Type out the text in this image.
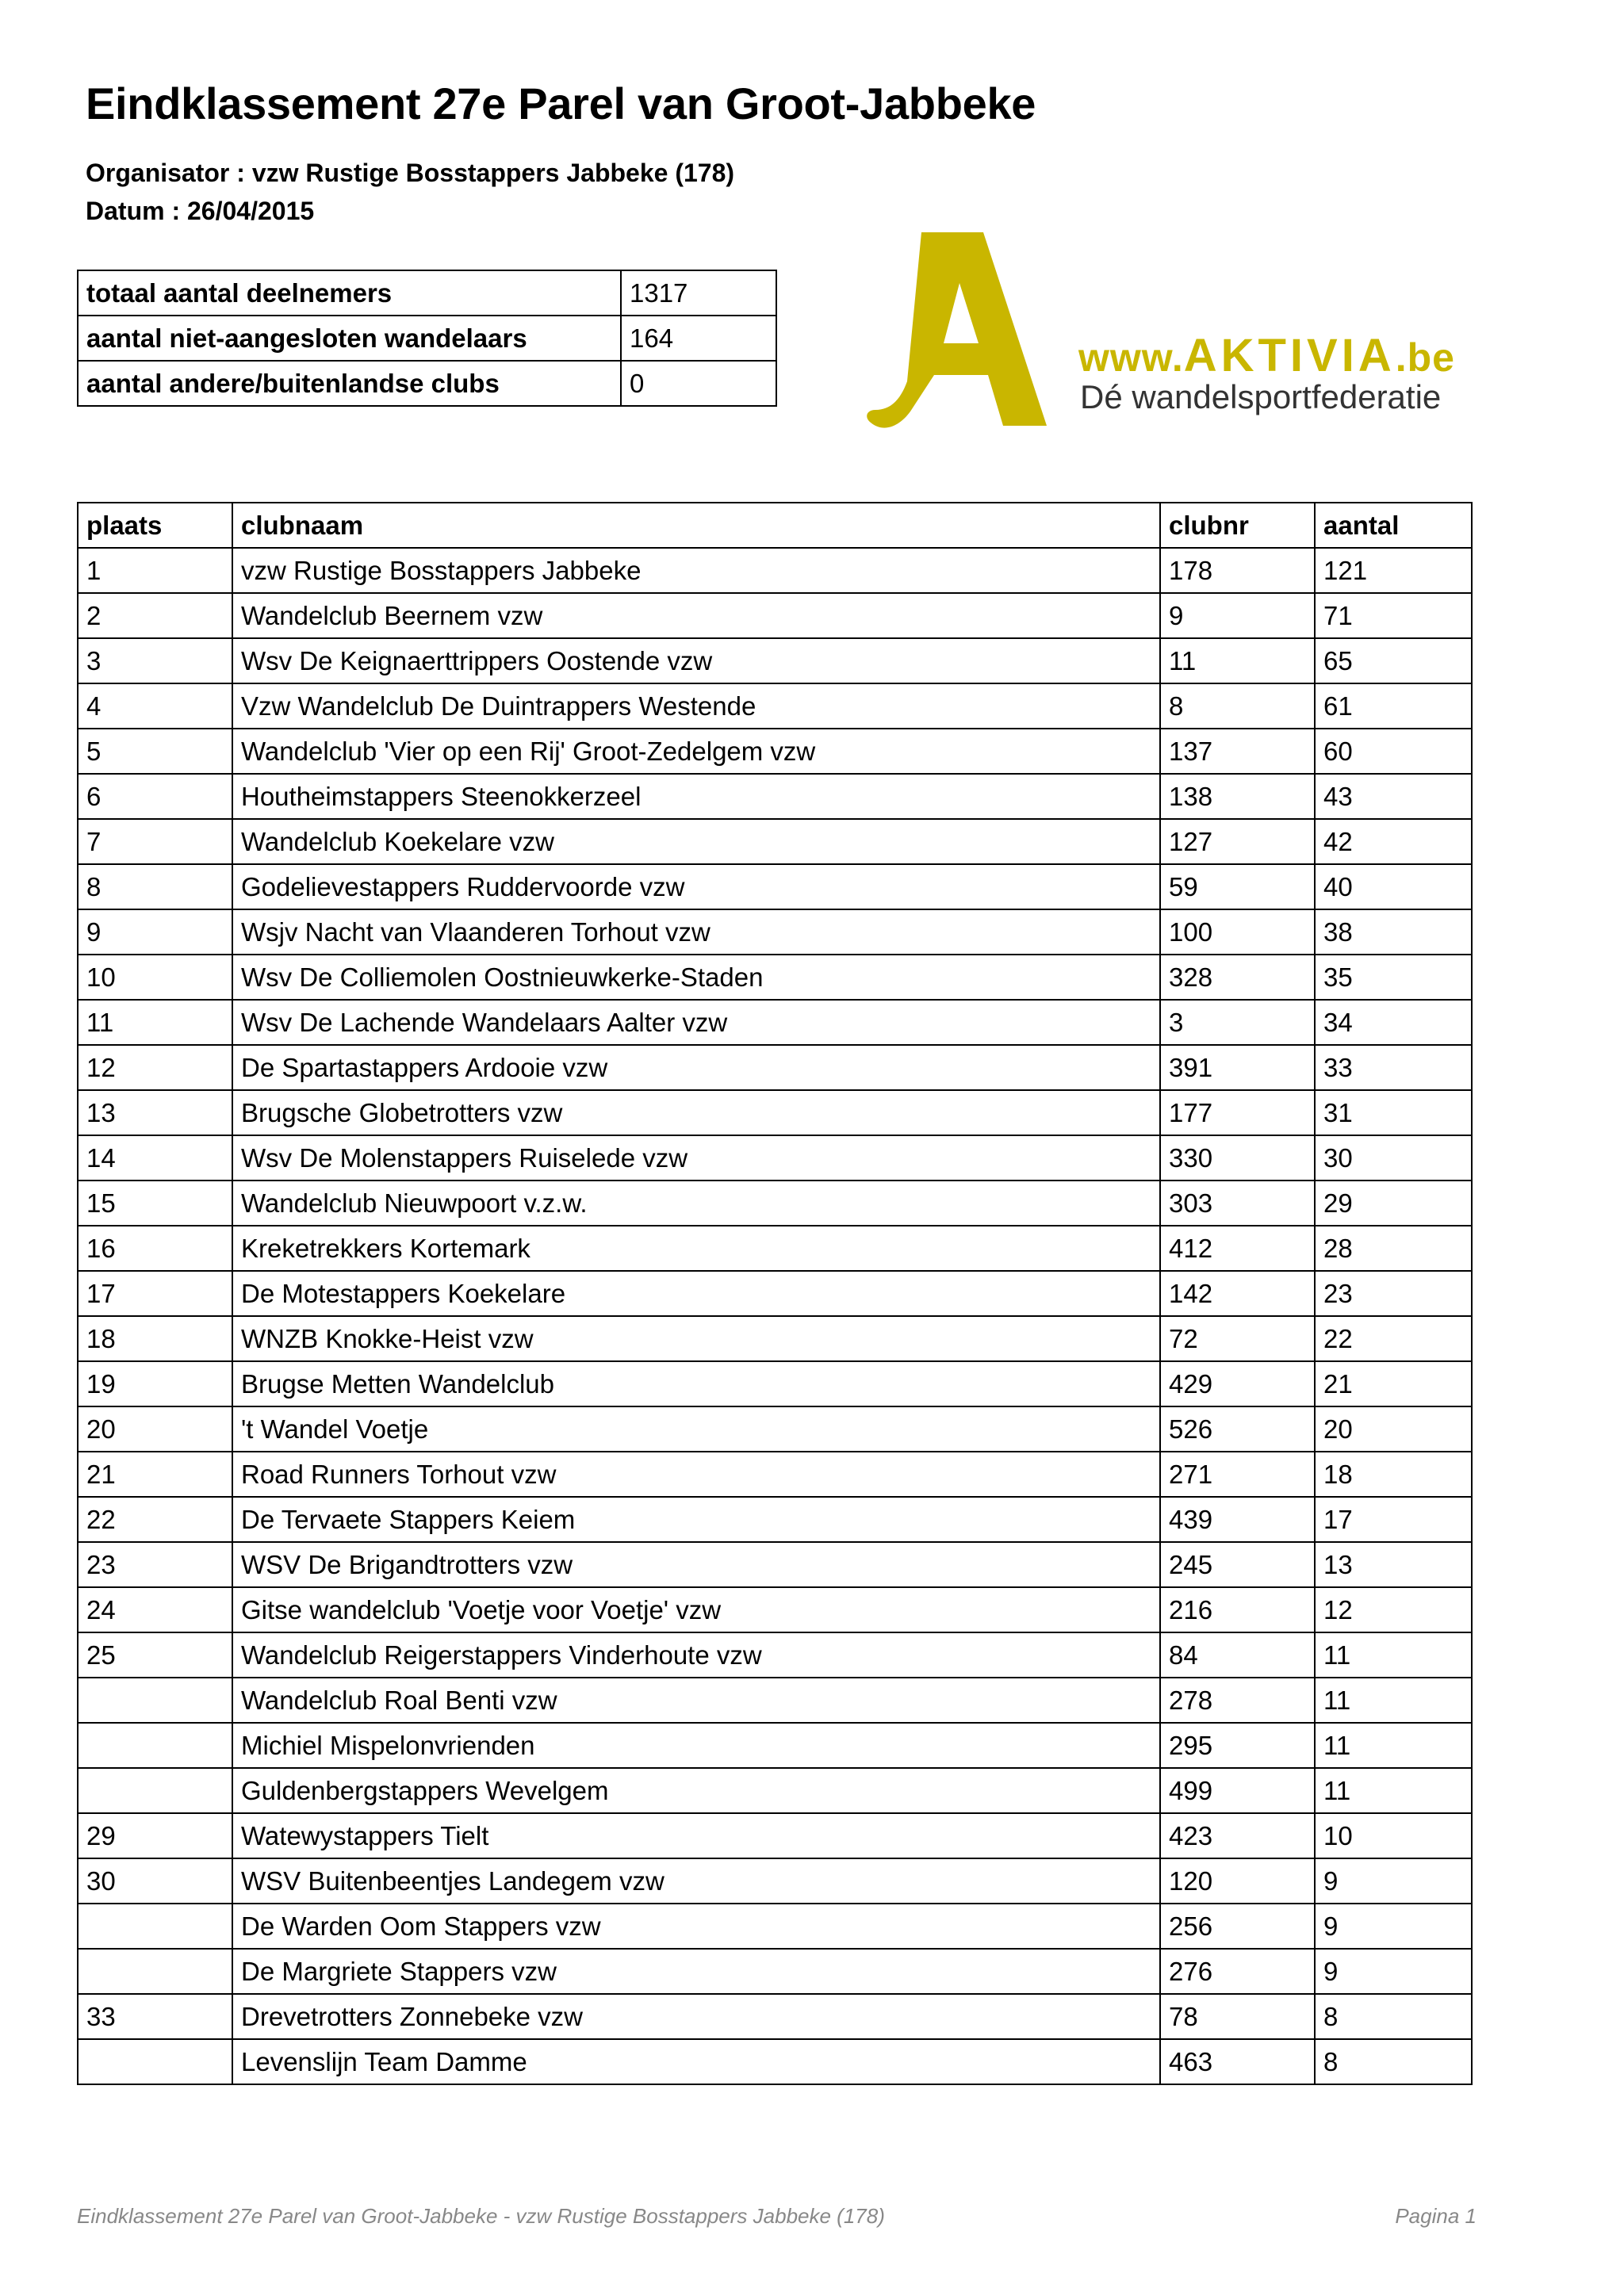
Eindklassement 27e Parel van Groot-Jabbeke
Organisator : vzw Rustige Bosstappers Jabbeke (178)
Datum : 26/04/2015
totaal aantal deelnemers	1317
aantal niet-aangesloten wandelaars	164
aantal andere/buitenlandse clubs	0
www.AKTIVIA.be
Dé wandelsportfederatie
plaats	clubnaam	clubnr	aantal
1	vzw Rustige Bosstappers Jabbeke	178	121
2	Wandelclub Beernem vzw	9	71
3	Wsv De Keignaerttrippers Oostende vzw	11	65
4	Vzw Wandelclub De Duintrappers Westende	8	61
5	Wandelclub 'Vier op een Rij' Groot-Zedelgem vzw	137	60
6	Houtheimstappers Steenokkerzeel	138	43
7	Wandelclub Koekelare vzw	127	42
8	Godelievestappers Ruddervoorde vzw	59	40
9	Wsjv Nacht van Vlaanderen Torhout vzw	100	38
10	Wsv De Colliemolen Oostnieuwkerke-Staden	328	35
11	Wsv De Lachende Wandelaars Aalter vzw	3	34
12	De Spartastappers Ardooie vzw	391	33
13	Brugsche Globetrotters vzw	177	31
14	Wsv De Molenstappers Ruiselede vzw	330	30
15	Wandelclub Nieuwpoort v.z.w.	303	29
16	Kreketrekkers Kortemark	412	28
17	De Motestappers Koekelare	142	23
18	WNZB Knokke-Heist vzw	72	22
19	Brugse Metten Wandelclub	429	21
20	't Wandel Voetje	526	20
21	Road Runners Torhout vzw	271	18
22	De Tervaete Stappers Keiem	439	17
23	WSV De Brigandtrotters vzw	245	13
24	Gitse wandelclub 'Voetje voor Voetje' vzw	216	12
25	Wandelclub Reigerstappers Vinderhoute vzw	84	11
	Wandelclub Roal Benti vzw	278	11
	Michiel Mispelonvrienden	295	11
	Guldenbergstappers Wevelgem	499	11
29	Watewystappers Tielt	423	10
30	WSV Buitenbeentjes Landegem vzw	120	9
	De Warden Oom Stappers vzw	256	9
	De Margriete Stappers vzw	276	9
33	Drevetrotters Zonnebeke vzw	78	8
	Levenslijn Team Damme	463	8
Eindklassement 27e Parel van Groot-Jabbeke - vzw Rustige Bosstappers Jabbeke (178)	Pagina 1
